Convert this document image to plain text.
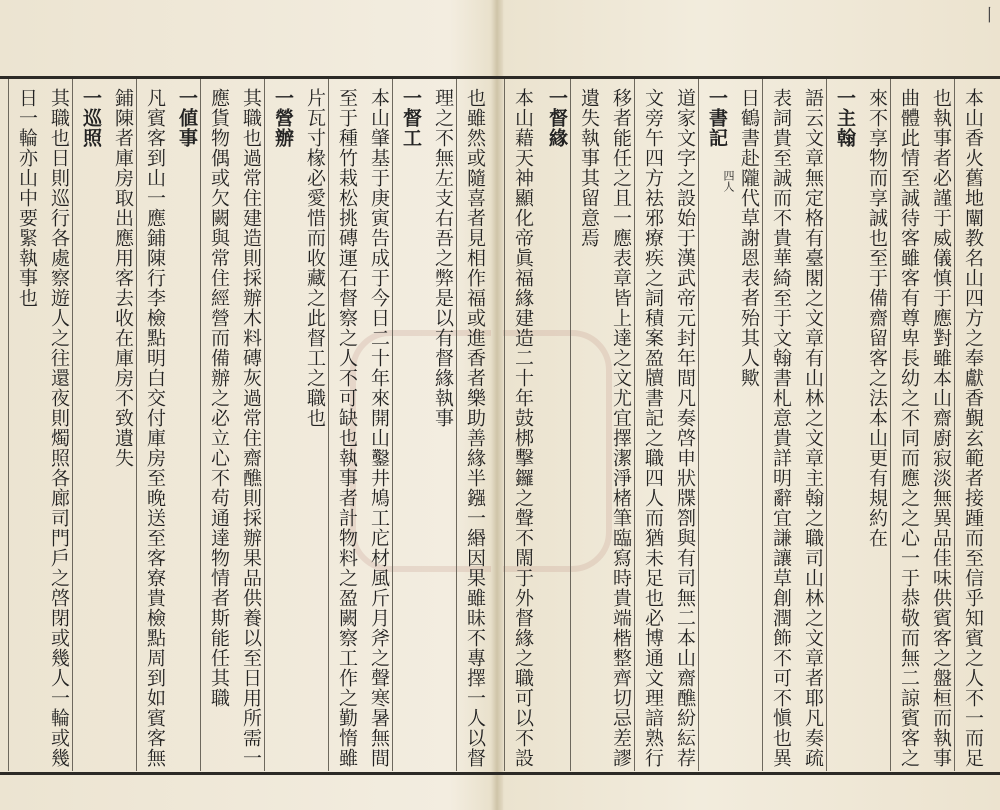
丨
本山香火舊地闡教名山四方之奉獻香覲玄範者接踵而至信乎知賓之人不一而足
也執事者必謹于威儀慎于應對雖本山齋廚寂淡無異品佳味供賓客之盤桓而執事
曲體此情至誠待客雖客有尊卑長幼之不同而應之之心一于恭敬而無二諒賓客之
來不享物而享誠也至于備齋留客之法本山更有規約在
一主翰
語云文章無定格有臺閣之文章有山林之文章主翰之職司山林之文章者耶凡奏疏
表詞貴至誠而不貴華綺至于文翰書札意貴詳明辭宜謙讓草創潤飾不可不愼也異
日鶴書赴隴代草謝恩表者殆其人歟
一書記
四人
道家文字之設始于漢武帝元封年間凡奏啓申狀牒劄與有司無二本山齋醮紛紜荐
文旁午四方祛邪療疾之詞積案盈牘書記之職四人而猶未足也必博通文理諳熟行
移者能任之且一應表章皆上達之文尤宜擇潔淨楮筆臨寫時貴端楷整齊切忌差謬
遺失執事其留意焉
一督緣
本山藉天神顯化帝眞福緣建造二十年鼓梆擊鑼之聲不閙于外督緣之職可以不設
也雖然或隨喜者見相作福或進香者樂助善緣半鏹一緡因果雖昧不專擇一人以督
理之不無左支右吾之弊是以有督緣執事
一督工
本山肇基于庚寅告成于今日二十年來開山鑿井鳩工庀材風斤月斧之聲寒暑無間
至于種竹栽松挑磚運石督察之人不可缺也執事者計物料之盈闕察工作之勤惰雖
片瓦寸椽必愛惜而收藏之此督工之職也
一營辦
其職也過常住建造則採辦木料磚灰過常住齋醮則採辦果品供養以至日用所需一
應貨物偶或欠闕與常住經營而備辦之必立心不苟通達物情者斯能任其職
一値事
凡賓客到山一應鋪陳行李檢點明白交付庫房至晚送至客寮貴檢點周到如賓客無
鋪陳者庫房取出應用客去收在庫房不致遺失
一巡照
其職也日則巡行各處察遊人之往還夜則燭照各廊司門戶之啓閉或幾人一輪或幾
日一輪亦山中要緊執事也
